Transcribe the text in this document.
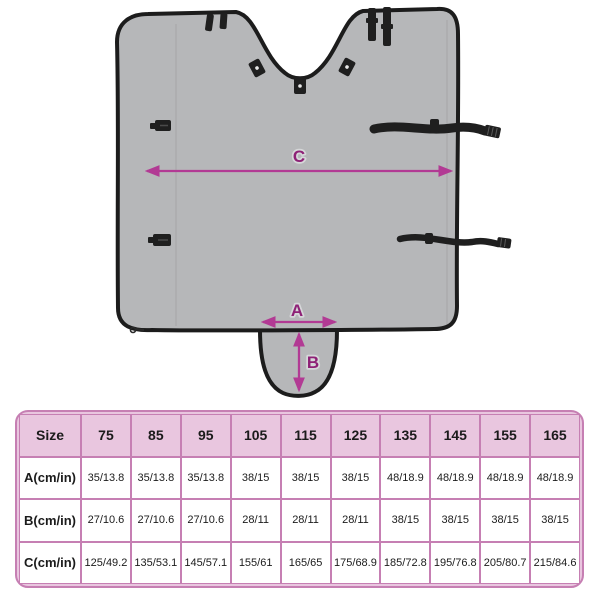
C
A
B
Size	75	85	95	105	115	125	135	145	155	165
A(cm/in)	35/13.8	35/13.8	35/13.8	38/15	38/15	38/15	48/18.9	48/18.9	48/18.9	48/18.9
B(cm/in)	27/10.6	27/10.6	27/10.6	28/11	28/11	28/11	38/15	38/15	38/15	38/15
C(cm/in) 125/49.2 135/53.1 145/57.1	155/61	165/65	175/68.9 185/72.8 195/76.8 205/80.7 215/84.6
